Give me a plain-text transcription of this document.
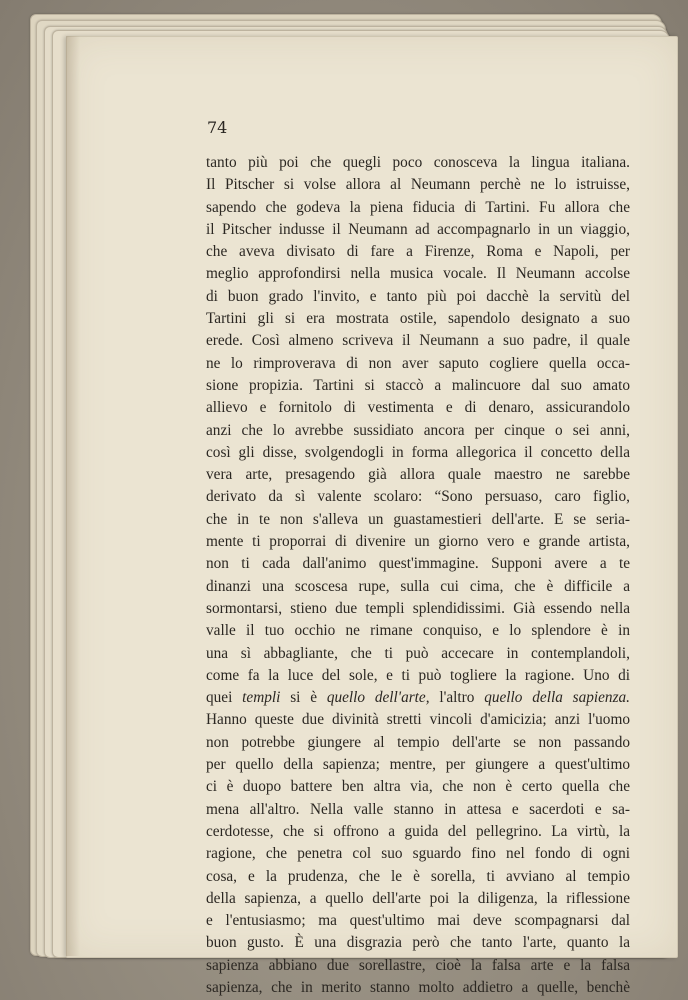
74
tanto più poi che quegli poco conosceva la lingua italiana.
Il Pitscher si volse allora al Neumann perchè ne lo istruisse,
sapendo che godeva la piena fiducia di Tartini. Fu allora che
il Pitscher indusse il Neumann ad accompagnarlo in un viaggio,
che aveva divisato di fare a Firenze, Roma e Napoli, per
meglio approfondirsi nella musica vocale. Il Neumann accolse
di buon grado l'invito, e tanto più poi dacchè la servitù del
Tartini gli si era mostrata ostile, sapendolo designato a suo
erede. Così almeno scriveva il Neumann a suo padre, il quale
ne lo rimproverava di non aver saputo cogliere quella occa-
sione propizia. Tartini si staccò a malincuore dal suo amato
allievo e fornitolo di vestimenta e di denaro, assicurandolo
anzi che lo avrebbe sussidiato ancora per cinque o sei anni,
così gli disse, svolgendogli in forma allegorica il concetto della
vera arte, presagendo già allora quale maestro ne sarebbe
derivato da sì valente scolaro: “Sono persuaso, caro figlio,
che in te non s'alleva un guastamestieri dell'arte. E se seria-
mente ti proporrai di divenire un giorno vero e grande artista,
non ti cada dall'animo quest'immagine. Supponi avere a te
dinanzi una scoscesa rupe, sulla cui cima, che è difficile a
sormontarsi, stieno due templi splendidissimi. Già essendo nella
valle il tuo occhio ne rimane conquiso, e lo splendore è in
una sì abbagliante, che ti può accecare in contemplandoli,
come fa la luce del sole, e ti può togliere la ragione. Uno di
quei templi si è quello dell'arte, l'altro quello della sapienza.
Hanno queste due divinità stretti vincoli d'amicizia; anzi l'uomo
non potrebbe giungere al tempio dell'arte se non passando
per quello della sapienza; mentre, per giungere a quest'ultimo
ci è duopo battere ben altra via, che non è certo quella che
mena all'altro. Nella valle stanno in attesa e sacerdoti e sa-
cerdotesse, che si offrono a guida del pellegrino. La virtù, la
ragione, che penetra col suo sguardo fino nel fondo di ogni
cosa, e la prudenza, che le è sorella, ti avviano al tempio
della sapienza, a quello dell'arte poi la diligenza, la riflessione
e l'entusiasmo; ma quest'ultimo mai deve scompagnarsi dal
buon gusto. È una disgrazia però che tanto l'arte, quanto la
sapienza abbiano due sorellastre, cioè la falsa arte e la falsa
sapienza, che in merito stanno molto addietro a quelle, benchè
